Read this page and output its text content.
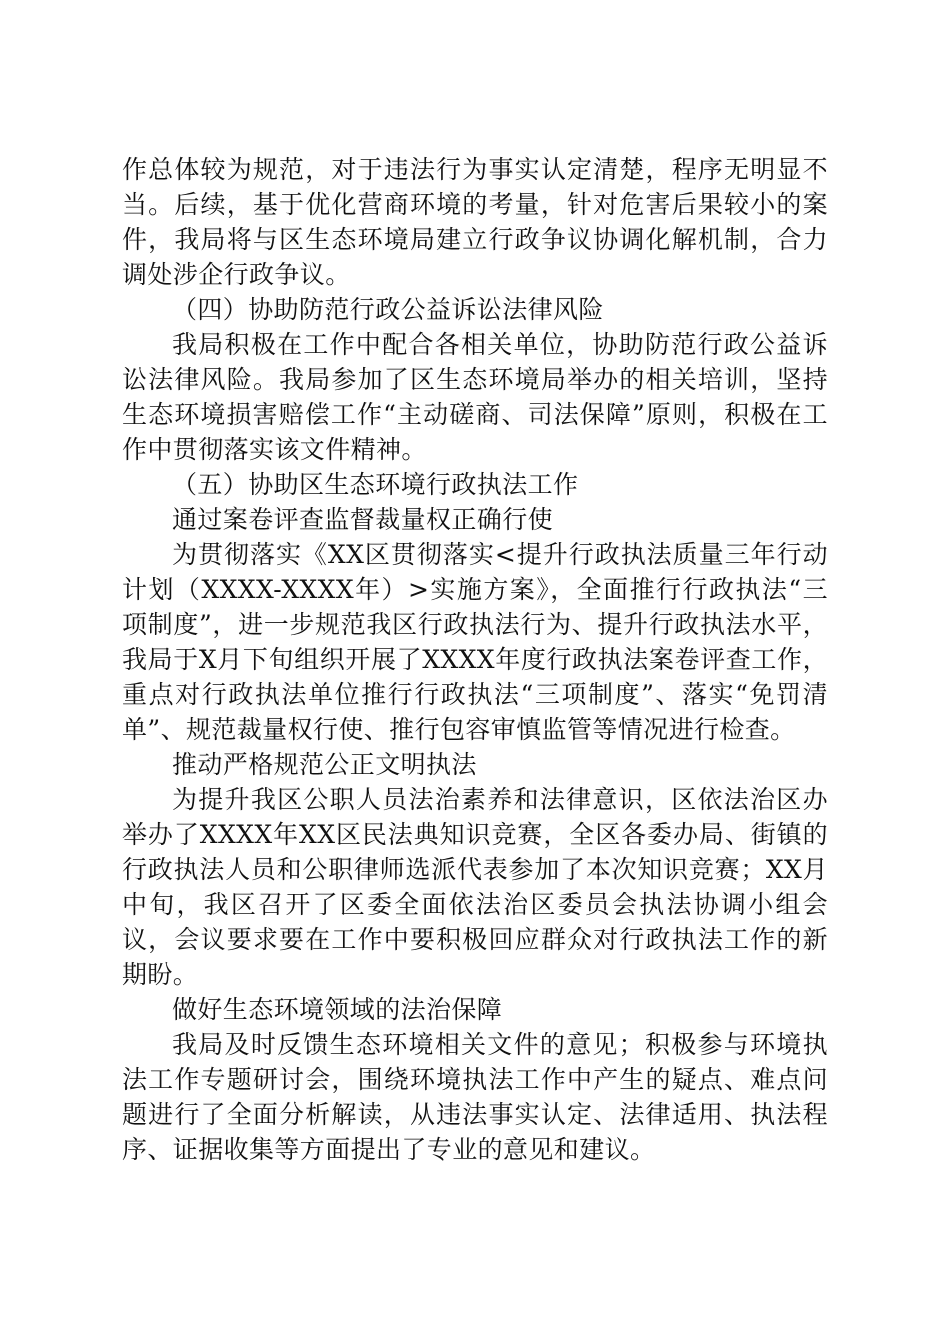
作总体较为规范，对于违法行为事实认定清楚，程序无明显不当。后续，基于优化营商环境的考量，针对危害后果较小的案件，我局将与区生态环境局建立行政争议协调化解机制，合力调处涉企行政争议。

（四）协助防范行政公益诉讼法律风险

我局积极在工作中配合各相关单位，协助防范行政公益诉讼法律风险。我局参加了区生态环境局举办的相关培训，坚持生态环境损害赔偿工作“主动磋商、司法保障”原则，积极在工作中贯彻落实该文件精神。

（五）协助区生态环境行政执法工作

通过案卷评查监督裁量权正确行使

为贯彻落实《XX区贯彻落实<提升行政执法质量三年行动计划（XXXX-XXXX年）>实施方案》，全面推行行政执法“三项制度”，进一步规范我区行政执法行为、提升行政执法水平，我局于X月下旬组织开展了XXXX年度行政执法案卷评查工作，重点对行政执法单位推行行政执法“三项制度”、落实“免罚清单”、规范裁量权行使、推行包容审慎监管等情况进行检查。

推动严格规范公正文明执法

为提升我区公职人员法治素养和法律意识，区依法治区办举办了XXXX年XX区民法典知识竞赛，全区各委办局、街镇的行政执法人员和公职律师选派代表参加了本次知识竞赛；XX月中旬，我区召开了区委全面依法治区委员会执法协调小组会议，会议要求要在工作中要积极回应群众对行政执法工作的新期盼。

做好生态环境领域的法治保障

我局及时反馈生态环境相关文件的意见；积极参与环境执法工作专题研讨会，围绕环境执法工作中产生的疑点、难点问题进行了全面分析解读，从违法事实认定、法律适用、执法程序、证据收集等方面提出了专业的意见和建议。
